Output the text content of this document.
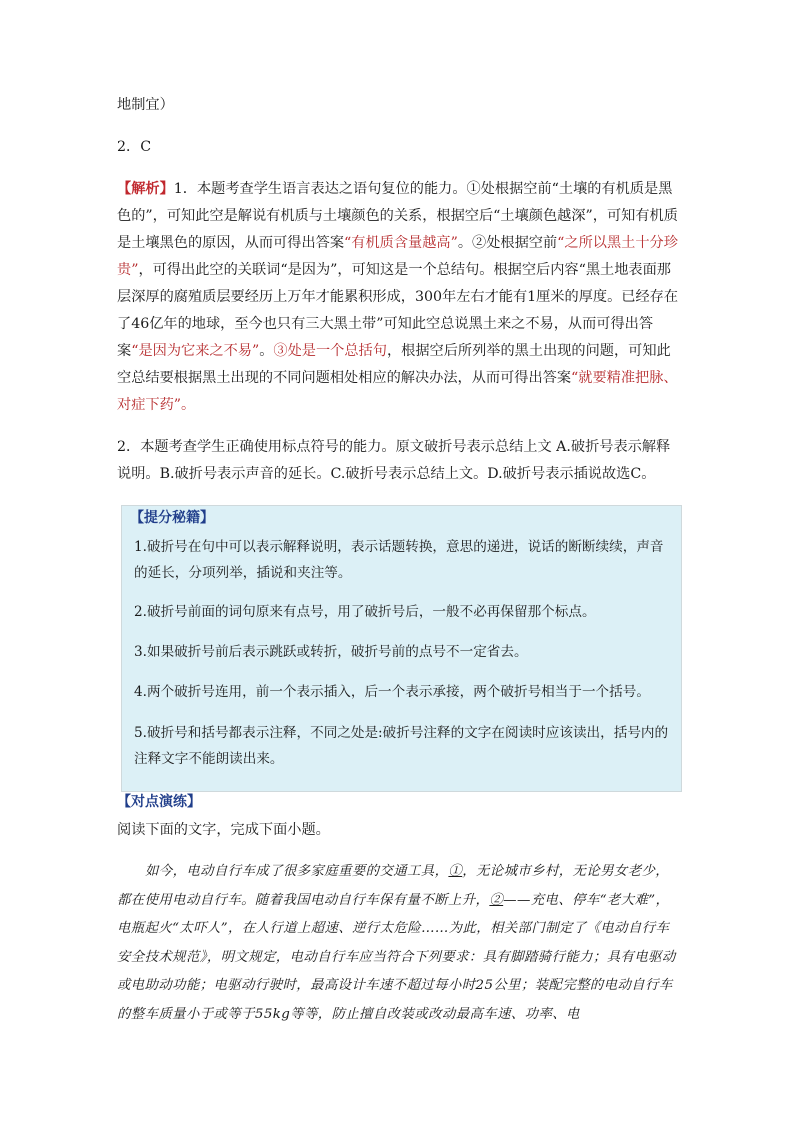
地制宜）

2．C

【解析】1．本题考查学生语言表达之语句复位的能力。①处根据空前“土壤的有机质是黑色的”，可知此空是解说有机质与土壤颜色的关系，根据空后“土壤颜色越深”，可知有机质是土壤黑色的原因，从而可得出答案“有机质含量越高”。②处根据空前“之所以黑土十分珍贵”，可得出此空的关联词“是因为”，可知这是一个总结句。根据空后内容“黑土地表面那层深厚的腐殖质层要经历上万年才能累积形成，300年左右才能有1厘米的厚度。已经存在了46亿年的地球，至今也只有三大黑土带”可知此空总说黑土来之不易，从而可得出答案“是因为它来之不易”。③处是一个总括句，根据空后所列举的黑土出现的问题，可知此空总结要根据黑土出现的不同问题相处相应的解决办法，从而可得出答案“就要精准把脉、对症下药”。

2．本题考查学生正确使用标点符号的能力。原文破折号表示总结上文 A.破折号表示解释说明。B.破折号表示声音的延长。C.破折号表示总结上文。D.破折号表示插说故选C。

【提分秘籍】

1.破折号在句中可以表示解释说明，表示话题转换，意思的递进，说话的断断续续，声音的延长，分项列举，插说和夹注等。

2.破折号前面的词句原来有点号，用了破折号后，一般不必再保留那个标点。

3.如果破折号前后表示跳跃或转折，破折号前的点号不一定省去。

4.两个破折号连用，前一个表示插入，后一个表示承接，两个破折号相当于一个括号。

5.破折号和括号都表示注释，不同之处是:破折号注释的文字在阅读时应该读出，括号内的注释文字不能朗读出来。

【对点演练】

阅读下面的文字，完成下面小题。

如今，电动自行车成了很多家庭重要的交通工具，①，无论城市乡村，无论男女老少，都在使用电动自行车。随着我国电动自行车保有量不断上升，②——充电、停车“老大难”，电瓶起火“太吓人”，在人行道上超速、逆行太危险……为此，相关部门制定了《电动自行车安全技术规范》，明文规定，电动自行车应当符合下列要求：具有脚踏骑行能力；具有电驱动或电助动功能；电驱动行驶时，最高设计车速不超过每小时25公里；装配完整的电动自行车的整车质量小于或等于55kg等等，防止擅自改装或改动最高车速、功率、电
